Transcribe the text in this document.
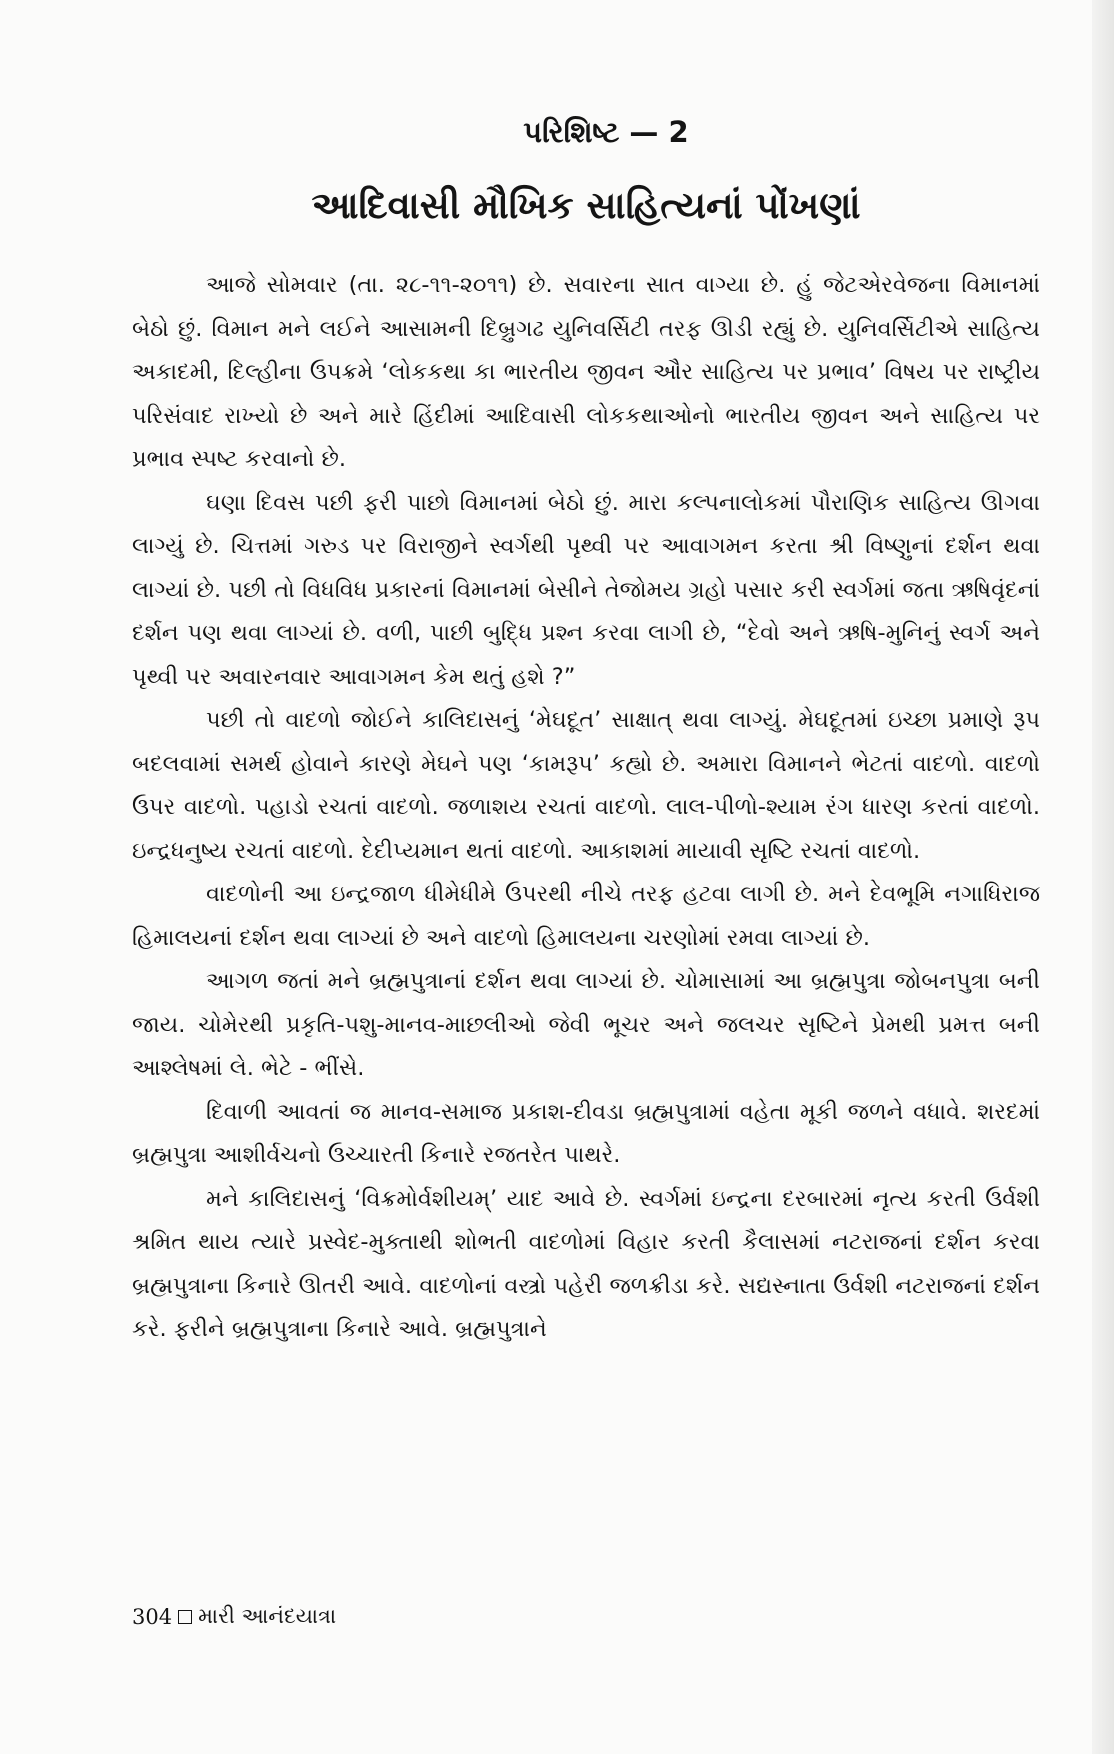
પરિશિષ્ટ — 2
આદિવાસી મૌખિક સાહિત્યનાં પોંખણાં

આજે સોમવાર (તા. ૨૮-૧૧-૨૦૧૧) છે. સવારના સાત વાગ્યા છે. હું જેટએરવેજના વિમાનમાં બેઠો છું. વિમાન મને લઈને આસામની દિબ્રુગઢ યુનિવર્સિટી તરફ ઊડી રહ્યું છે. યુનિવર્સિટીએ સાહિત્ય અકાદમી, દિલ્હીના ઉપક્રમે ‘લોકકથા કા ભારતીય જીવન ઔર સાહિત્ય પર પ્રભાવ’ વિષય પર રાષ્ટ્રીય પરિસંવાદ રાખ્યો છે અને મારે હિંદીમાં આદિવાસી લોકકથાઓનો ભારતીય જીવન અને સાહિત્ય પર પ્રભાવ સ્પષ્ટ કરવાનો છે.

ઘણા દિવસ પછી ફરી પાછો વિમાનમાં બેઠો છું. મારા કલ્પનાલોકમાં પૌરાણિક સાહિત્ય ઊગવા લાગ્યું છે. ચિત્તમાં ગરુડ પર વિરાજીને સ્વર્ગથી પૃથ્વી પર આવાગમન કરતા શ્રી વિષ્ણુનાં દર્શન થવા લાગ્યાં છે. પછી તો વિધવિધ પ્રકારનાં વિમાનમાં બેસીને તેજોમય ગ્રહો પસાર કરી સ્વર્ગમાં જતા ઋષિવૃંદનાં દર્શન પણ થવા લાગ્યાં છે. વળી, પાછી બુદ્ધિ પ્રશ્ન કરવા લાગી છે, “દેવો અને ઋષિ-મુનિનું સ્વર્ગ અને પૃથ્વી પર અવારનવાર આવાગમન કેમ થતું હશે ?”

પછી તો વાદળો જોઈને કાલિદાસનું ‘મેઘદૂત’ સાક્ષાત્ થવા લાગ્યું. મેઘદૂતમાં ઇચ્છા પ્રમાણે રૂપ બદલવામાં સમર્થ હોવાને કારણે મેઘને પણ ‘કામરૂપ’ કહ્યો છે. અમારા વિમાનને ભેટતાં વાદળો. વાદળો ઉપર વાદળો. પહાડો રચતાં વાદળો. જળાશય રચતાં વાદળો. લાલ-પીળો-શ્યામ રંગ ધારણ કરતાં વાદળો. ઇન્દ્રધનુષ્ય રચતાં વાદળો. દેદીપ્યમાન થતાં વાદળો. આકાશમાં માયાવી સૃષ્ટિ રચતાં વાદળો.

વાદળોની આ ઇન્દ્રજાળ ધીમેધીમે ઉપરથી નીચે તરફ હટવા લાગી છે. મને દેવભૂમિ નગાધિરાજ હિમાલયનાં દર્શન થવા લાગ્યાં છે અને વાદળો હિમાલયના ચરણોમાં રમવા લાગ્યાં છે.

આગળ જતાં મને બ્રહ્મપુત્રાનાં દર્શન થવા લાગ્યાં છે. ચોમાસામાં આ બ્રહ્મપુત્રા જોબનપુત્રા બની જાય. ચોમેરથી પ્રકૃતિ-પશુ-માનવ-માછલીઓ જેવી ભૂચર અને જલચર સૃષ્ટિને પ્રેમથી પ્રમત્ત બની આશ્લેષમાં લે. ભેટે - ભીંસે.

દિવાળી આવતાં જ માનવ-સમાજ પ્રકાશ-દીવડા બ્રહ્મપુત્રામાં વહેતા મૂકી જળને વધાવે. શરદમાં બ્રહ્મપુત્રા આશીર્વચનો ઉચ્ચારતી કિનારે રજતરેત પાથરે.

મને કાલિદાસનું ‘વિક્રમોર્વશીયમ્’ યાદ આવે છે. સ્વર્ગમાં ઇન્દ્રના દરબારમાં નૃત્ય કરતી ઉર્વશી શ્રમિત થાય ત્યારે પ્રસ્વેદ-મુક્તાથી શોભતી વાદળોમાં વિહાર કરતી કૈલાસમાં નટરાજનાં દર્શન કરવા બ્રહ્મપુત્રાના કિનારે ઊતરી આવે. વાદળોનાં વસ્ત્રો પહેરી જળક્રીડા કરે. સદ્યસ્નાતા ઉર્વશી નટરાજનાં દર્શન કરે. ફરીને બ્રહ્મપુત્રાના કિનારે આવે. બ્રહ્મપુત્રાને

304 મારી આનંદયાત્રા
